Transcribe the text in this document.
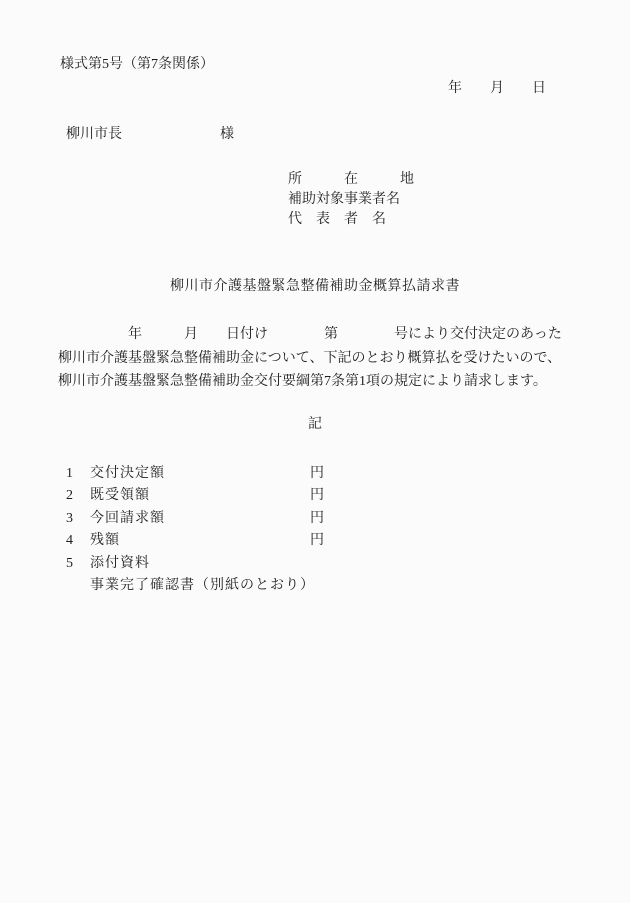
様式第5号（第7条関係）
年　　月　　日
柳川市長　　　　　　　様
所　　　在　　　地
補助対象事業者名
代　表　者　名
柳川市介護基盤緊急整備補助金概算払請求書
　　　　　年　　　月　　日付け　　　　第　　　　号により交付決定のあった
柳川市介護基盤緊急整備補助金について、下記のとおり概算払を受けたいので、
柳川市介護基盤緊急整備補助金交付要綱第7条第1項の規定により請求します。
記
1 交付決定額	円
2 既受領額	円
3 今回請求額	円
4 残額	円
5 添付資料
事業完了確認書（別紙のとおり）
